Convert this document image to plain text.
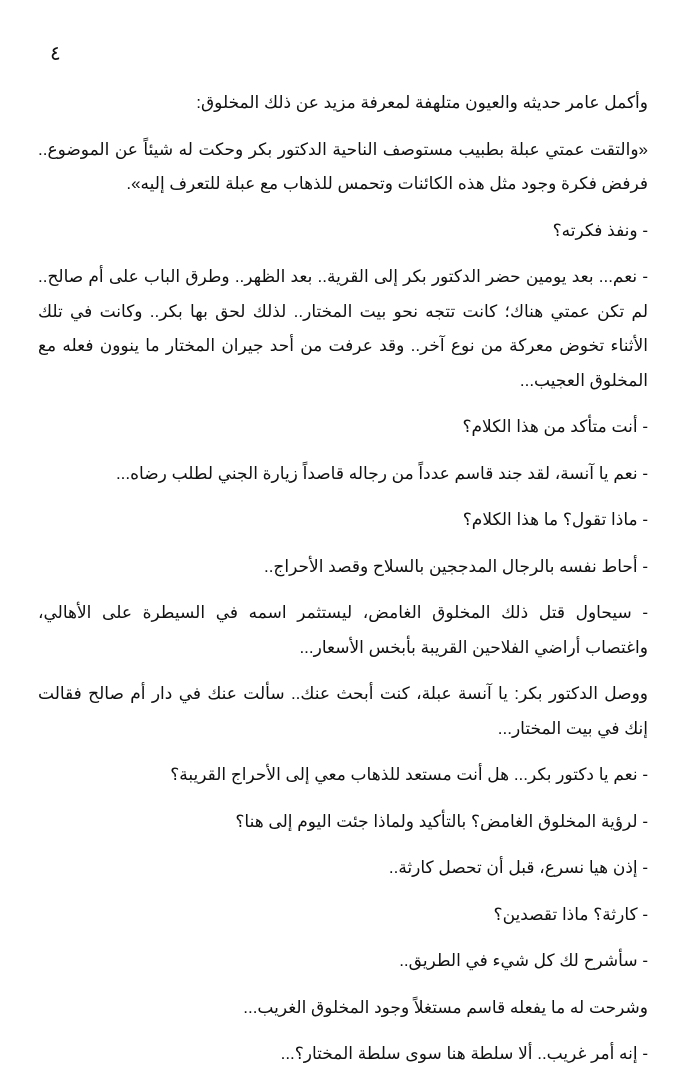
٤

وأكمل عامر حديثه والعيون متلهفة لمعرفة مزيد عن ذلك المخلوق:

«والتقت عمتي عبلة بطبيب مستوصف الناحية الدكتور بكر وحكت له شيئاً عن الموضوع.. فرفض فكرة وجود مثل هذه الكائنات وتحمس للذهاب مع عبلة للتعرف إليه».

- ونفذ فكرته؟

- نعم... بعد يومين حضر الدكتور بكر إلى القرية.. بعد الظهر.. وطرق الباب على أم صالح.. لم تكن عمتي هناك؛ كانت تتجه نحو بيت المختار.. لذلك لحق بها بكر.. وكانت في تلك الأثناء تخوض معركة من نوع آخر.. وقد عرفت من أحد جيران المختار ما ينوون فعله مع المخلوق العجيب...

- أنت متأكد من هذا الكلام؟

- نعم يا آنسة، لقد جند قاسم عدداً من رجاله قاصداً زيارة الجني لطلب رضاه...

- ماذا تقول؟ ما هذا الكلام؟

- أحاط نفسه بالرجال المدججين بالسلاح وقصد الأحراج..

- سيحاول قتل ذلك المخلوق الغامض، ليستثمر اسمه في السيطرة على الأهالي، واغتصاب أراضي الفلاحين القريبة بأبخس الأسعار...

ووصل الدكتور بكر: يا آنسة عبلة، كنت أبحث عنك.. سألت عنك في دار أم صالح فقالت إنك في بيت المختار...

- نعم يا دكتور بكر... هل أنت مستعد للذهاب معي إلى الأحراج القريبة؟

- لرؤية المخلوق الغامض؟ بالتأكيد ولماذا جئت اليوم إلى هنا؟

- إذن هيا نسرع، قبل أن تحصل كارثة..

- كارثة؟ ماذا تقصدين؟

- سأشرح لك كل شيء في الطريق..

وشرحت له ما يفعله قاسم مستغلاً وجود المخلوق الغريب...

- إنه أمر غريب.. ألا سلطة هنا سوى سلطة المختار؟...
